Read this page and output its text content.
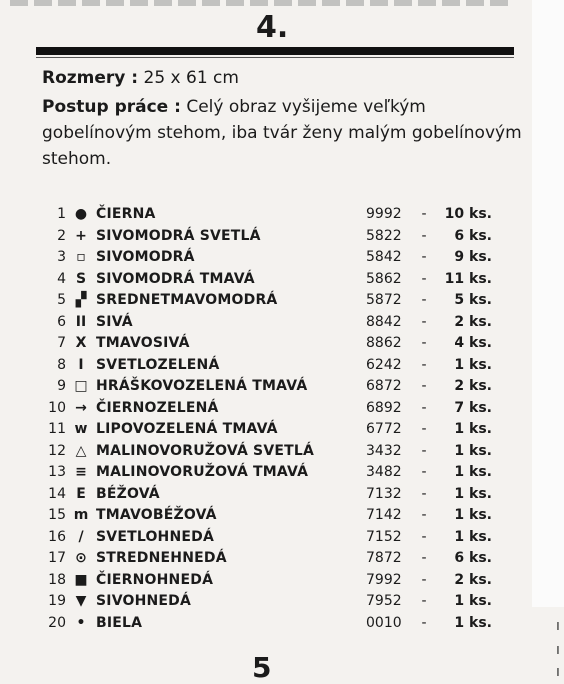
4.
Rozmery : 25 x 61 cm
Postup práce : Celý obraz vyšijeme veľkým gobelínovým stehom, iba tvár ženy malým gobelínovým stehom.
1 ● ČIERNA	9992	-	10 ks.
2 + SIVOMODRÁ SVETLÁ	5822	-	6 ks.
3 ▫ SIVOMODRÁ	5842	-	9 ks.
4 S SIVOMODRÁ TMAVÁ	5862	-	11 ks.
5 ▞ SREDNETMAVOMODRÁ	5872	-	5 ks.
6 II SIVÁ	8842	-	2 ks.
7 X TMAVOSIVÁ	8862	-	4 ks.
8 I SVETLOZELENÁ	6242	-	1 ks.
9 □ HRÁŠKOVOZELENÁ TMAVÁ	6872	-	2 ks.
10 → ČIERNOZELENÁ	6892	-	7 ks.
11 w LIPOVOZELENÁ TMAVÁ	6772	-	1 ks.
12 △ MALINOVORUŽOVÁ SVETLÁ	3432	-	1 ks.
13 ≡ MALINOVORUŽOVÁ TMAVÁ	3482	-	1 ks.
14 E BÉŽOVÁ	7132	-	1 ks.
15 m TMAVOBÉŽOVÁ	7142	-	1 ks.
16 / SVETLOHNEDÁ	7152	-	1 ks.
17 ⊙ STREDNEHNEDÁ	7872	-	6 ks.
18 ■ ČIERNOHNEDÁ	7992	-	2 ks.
19 ▼ SIVOHNEDÁ	7952	-	1 ks.
20 • BIELA	0010	-	1 ks.
5
ı
ı
ı
